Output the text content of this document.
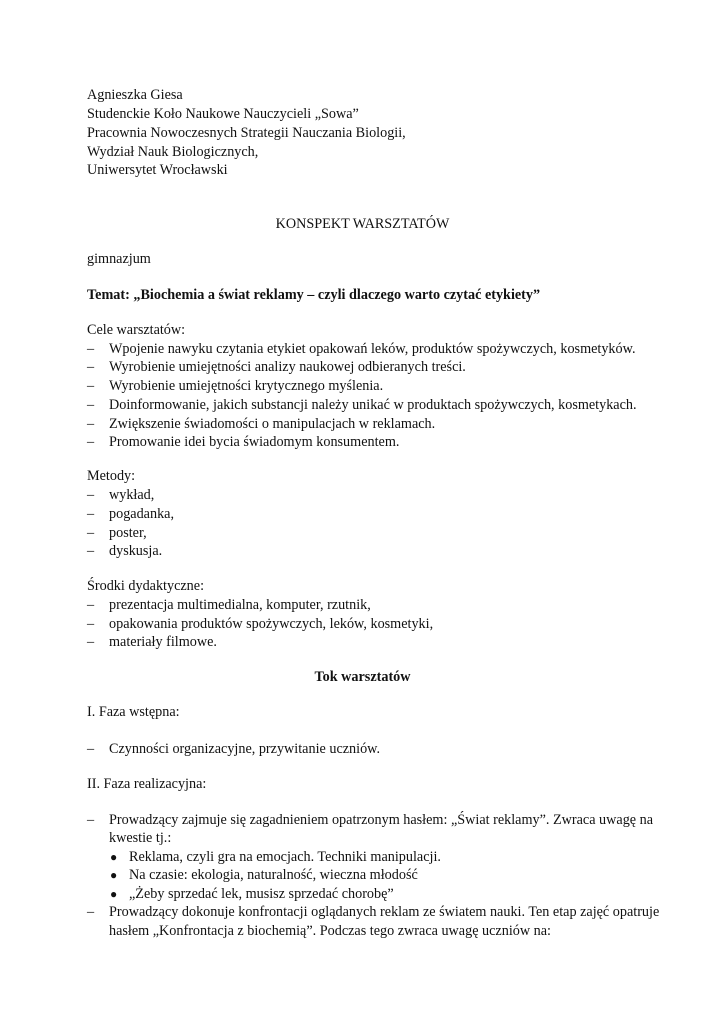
Agnieszka Giesa
Studenckie Koło Naukowe Nauczycieli „Sowa”
Pracownia Nowoczesnych Strategii Nauczania Biologii,
Wydział Nauk Biologicznych,
Uniwersytet Wrocławski
KONSPEKT WARSZTATÓW
gimnazjum
Temat: „Biochemia a świat reklamy – czyli dlaczego warto czytać etykiety”
Cele warsztatów:
– Wpojenie nawyku czytania etykiet opakowań leków, produktów spożywczych, kosmetyków.
– Wyrobienie umiejętności analizy naukowej odbieranych treści.
– Wyrobienie umiejętności krytycznego myślenia.
– Doinformowanie, jakich substancji należy unikać w produktach spożywczych, kosmetykach.
– Zwiększenie świadomości o manipulacjach w reklamach.
– Promowanie idei bycia świadomym konsumentem.
Metody:
– wykład,
– pogadanka,
– poster,
– dyskusja.
Środki dydaktyczne:
– prezentacja multimedialna, komputer, rzutnik,
– opakowania produktów spożywczych, leków, kosmetyki,
– materiały filmowe.
Tok warsztatów
I. Faza wstępna:
– Czynności organizacyjne, przywitanie uczniów.
II. Faza realizacyjna:
– Prowadzący zajmuje się zagadnieniem opatrzonym hasłem: „Świat reklamy”. Zwraca uwagę na
kwestie tj.:
● Reklama, czyli gra na emocjach. Techniki manipulacji.
● Na czasie: ekologia, naturalność, wieczna młodość
● „Żeby sprzedać lek, musisz sprzedać chorobę”
– Prowadzący dokonuje konfrontacji oglądanych reklam ze światem nauki. Ten etap zajęć opatruje
hasłem „Konfrontacja z biochemią”. Podczas tego zwraca uwagę uczniów na:
